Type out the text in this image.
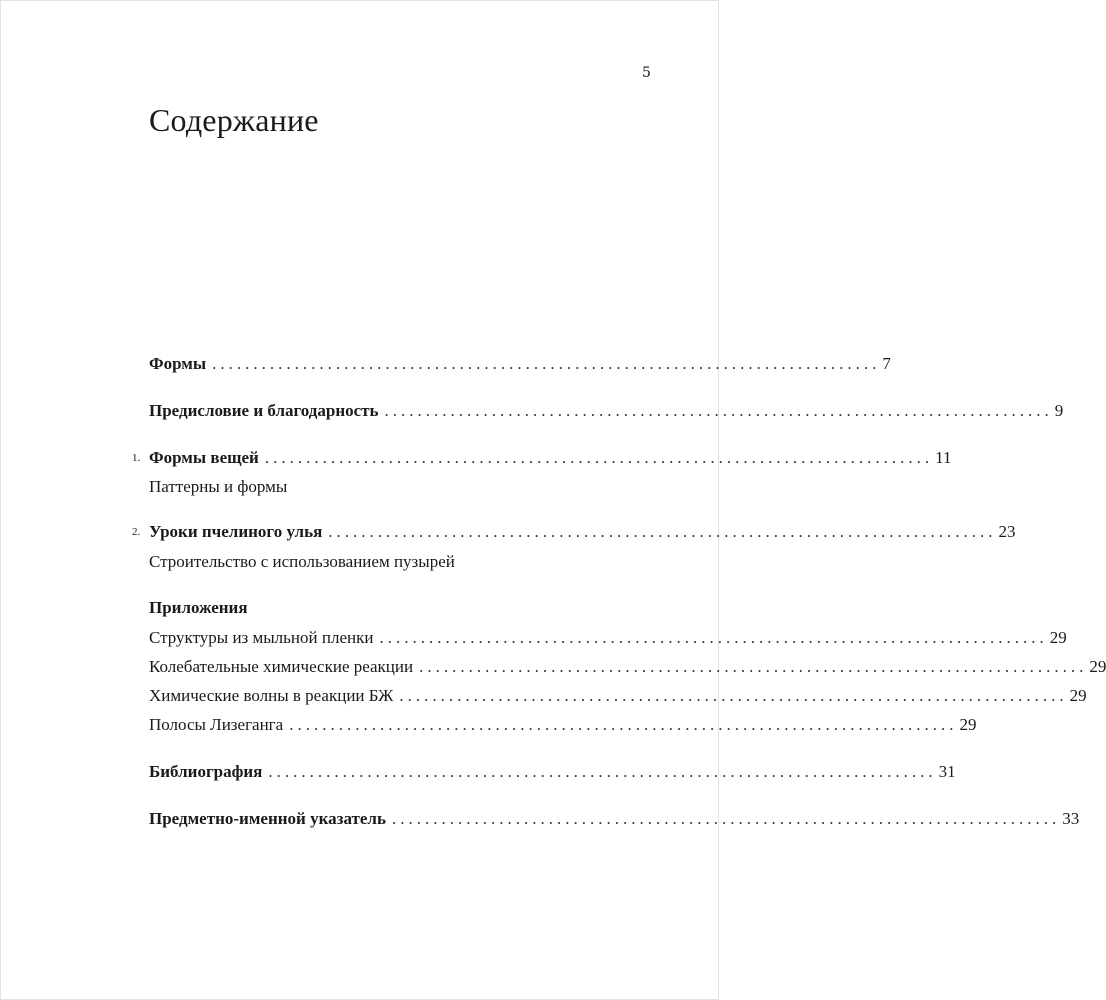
5
Содержание
Формы ................................................................................. 7
Предисловие и благодарность ................................................................................. 9
1. Формы вещей ................................................................................. 11
Паттерны и формы
2. Уроки пчелиного улья ................................................................................. 23
Строительство с использованием пузырей
Приложения
Структуры из мыльной пленки ................................................................................. 29
Колебательные химические реакции ................................................................................. 29
Химические волны в реакции БЖ ................................................................................. 29
Полосы Лизеганга ................................................................................. 29
Библиография ................................................................................. 31
Предметно-именной указатель ................................................................................. 33
